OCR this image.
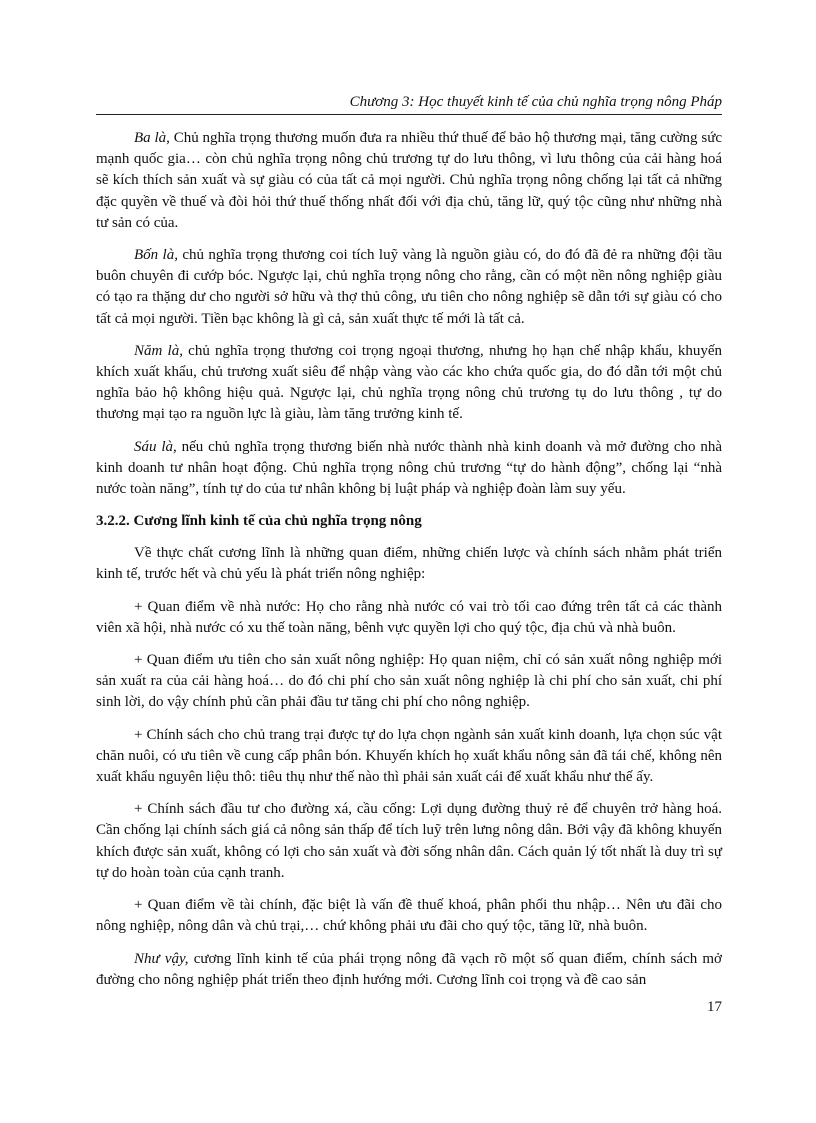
Chương 3: Học thuyết kinh tế của chủ nghĩa trọng nông Pháp

Ba là, Chủ nghĩa trọng thương muốn đưa ra nhiều thứ thuế để bảo hộ thương mại, tăng cường sức mạnh quốc gia… còn chủ nghĩa trọng nông chủ trương tự do lưu thông, vì lưu thông của cải hàng hoá sẽ kích thích sản xuất và sự giàu có của tất cả mọi người. Chủ nghĩa trọng nông chống lại tất cả những đặc quyền về thuế và đòi hỏi thứ thuế thống nhất đối với địa chủ, tăng lữ, quý tộc cũng như những nhà tư sản có của.

Bốn là, chủ nghĩa trọng thương coi tích luỹ vàng là nguồn giàu có, do đó đã đẻ ra những đội tầu buôn chuyên đi cướp bóc. Ngược lại, chủ nghĩa trọng nông cho rằng, cần có một nền nông nghiệp giàu có tạo ra thặng dư cho người sở hữu và thợ thủ công, ưu tiên cho nông nghiệp sẽ dẫn tới sự giàu có cho tất cả mọi người. Tiền bạc không là gì cả, sản xuất thực tế mới là tất cả.

Năm là, chủ nghĩa trọng thương coi trọng ngoại thương, nhưng họ hạn chế nhập khẩu, khuyến khích xuất khẩu, chủ trương xuất siêu để nhập vàng vào các kho chứa quốc gia, do đó dẫn tới một chủ nghĩa bảo hộ không hiệu quả. Ngược lại, chủ nghĩa trọng nông chủ trương tụ do lưu thông , tự do thương mại tạo ra nguồn lực là giàu, làm tăng trưởng kinh tế.

Sáu là, nếu chủ nghĩa trọng thương biến nhà nước thành nhà kinh doanh và mở đường cho nhà kinh doanh tư nhân hoạt động. Chủ nghĩa trọng nông chủ trương “tự do hành động”, chống lại “nhà nước toàn năng”, tính tự do của tư nhân không bị luật pháp và nghiệp đoàn làm suy yếu.

3.2.2. Cương lĩnh kinh tế của chủ nghĩa trọng nông

Về thực chất cương lĩnh là những quan điểm, những chiến lược và chính sách nhằm phát triển kinh tế, trước hết và chủ yếu là phát triển nông nghiệp:

+ Quan điểm về nhà nước: Họ cho rằng nhà nước có vai trò tối cao đứng trên tất cả các thành viên xã hội, nhà nước có xu thế toàn năng, bênh vực quyền lợi cho quý tộc, địa chủ và nhà buôn.

+ Quan điểm ưu tiên cho sản xuất nông nghiệp: Họ quan niệm, chỉ có sản xuất nông nghiệp mới sản xuất ra của cải hàng hoá… do đó chi phí cho sản xuất nông nghiệp là chi phí cho sản xuất, chi phí sinh lời, do vậy chính phủ cần phải đầu tư tăng chi phí cho nông nghiệp.

+ Chính sách cho chủ trang trại được tự do lựa chọn ngành sản xuất kinh doanh, lựa chọn súc vật chăn nuôi, có ưu tiên về cung cấp phân bón. Khuyến khích họ xuất khẩu nông sản đã tái chế, không nên xuất khẩu nguyên liệu thô: tiêu thụ như thế nào thì phải sản xuất cái để xuất khẩu như thế ấy.

+ Chính sách đầu tư cho đường xá, cầu cống: Lợi dụng đường thuỷ rẻ để chuyên trở hàng hoá. Cần chống lại chính sách giá cả nông sản thấp để tích luỹ trên lưng nông dân. Bởi vậy đã không khuyến khích được sản xuất, không có lợi cho sản xuất và đời sống nhân dân. Cách quản lý tốt nhất là duy trì sự tự do hoàn toàn của cạnh tranh.

+ Quan điểm về tài chính, đặc biệt là vấn đề thuế khoá, phân phối thu nhập… Nên ưu đãi cho nông nghiệp, nông dân và chủ trại,… chứ không phải ưu đãi cho quý tộc, tăng lữ, nhà buôn.

Như vậy, cương lĩnh kinh tế của phái trọng nông đã vạch rõ một số quan điểm, chính sách mở đường cho nông nghiệp phát triển theo định hướng mới. Cương lĩnh coi trọng và đề cao sản

17
